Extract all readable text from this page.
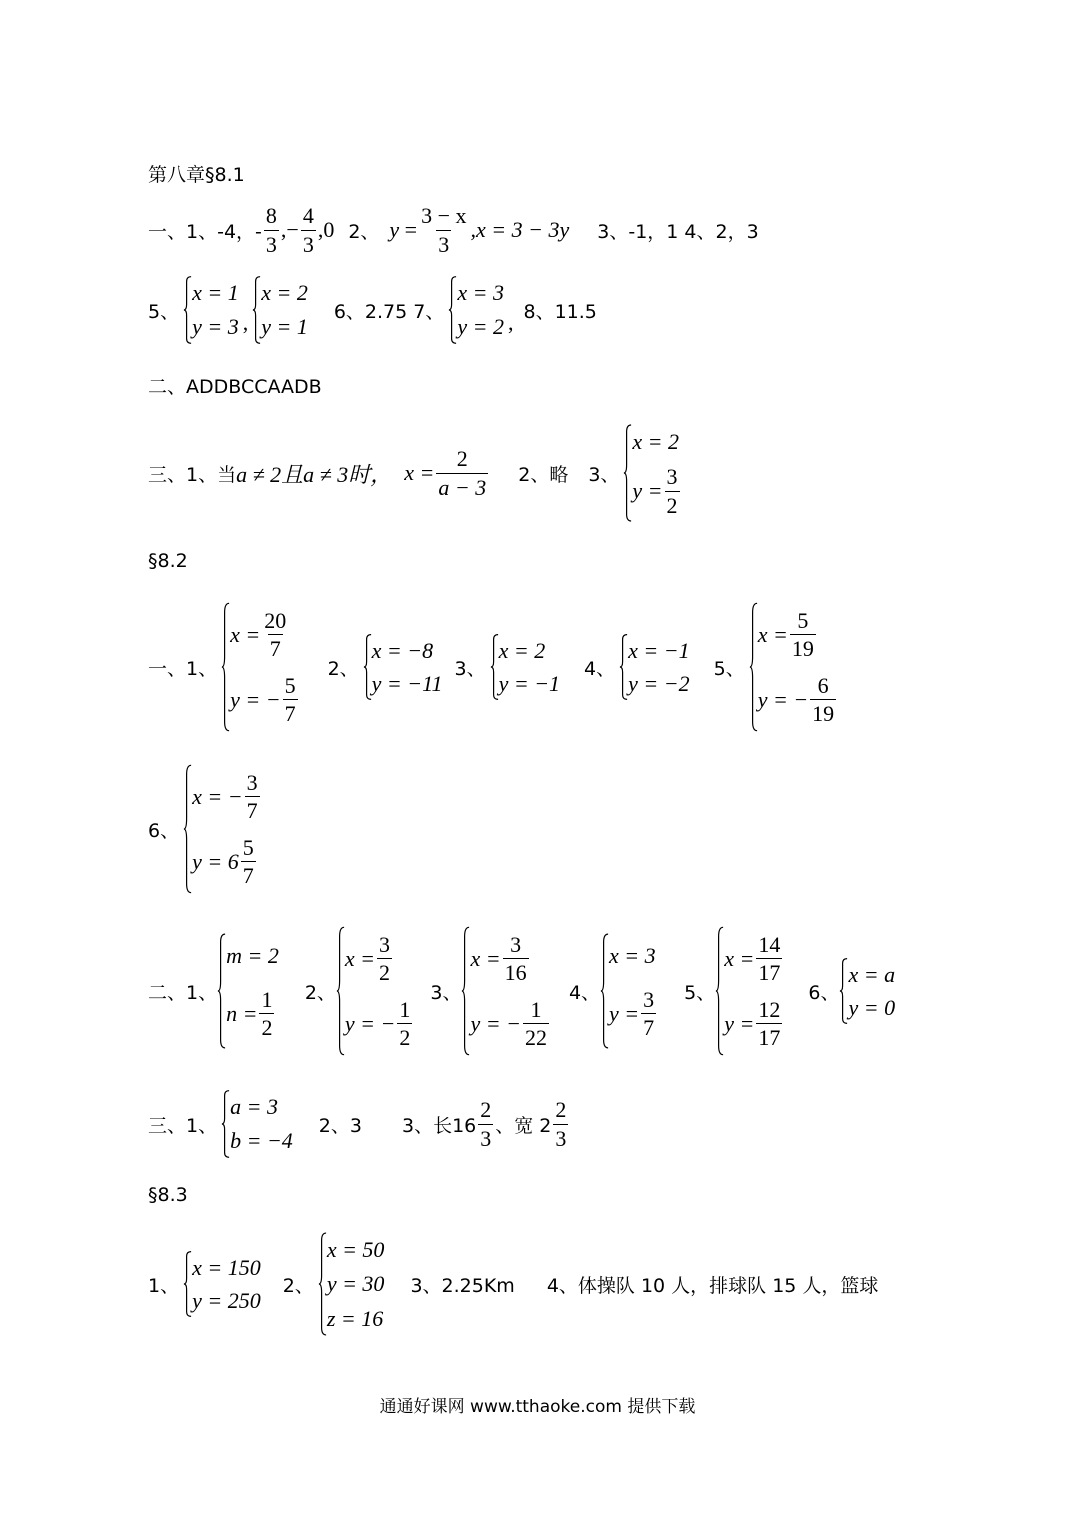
第八章§8.1
一、1、-4，-
8
3
, − $\frac{4}{3} ,0$ 2、 $y = \frac{3 - x}{3} ,x = 3 - 3y$ 3、-1，1 4、2，3
5、
x = 1
y = 3 ,
x = 2
y = 1
6、2.75 7、
x = 3
y = 2 , 8、11.5
二、ADDBCCAADB
三、1、当 a ≠ 2且a ≠ 3时， $x = \frac{2}{a - 3} 2$、略 3、
x = 2
$y = \frac{3}{2}$
§8.2
一、1、
$x = \frac{20}{7}$
y = − $\frac{5}{7}$
2、
x = −8
y = −11
3、
x = 2
y = −1
4、
x = −1
y = −2
5、
$x = \frac{5}{19}$
y = − $\frac{6}{19}$
6、
x = − $\frac{3}{7}$
y = 6
5
7
二、1、
m = 2
$n = \frac{1}{2} 2$、
$x = \frac{3}{2}$
y = − $\frac{1}{2}$
3、
$x = \frac{3}{16}$
y = − $\frac{1}{22}$
4、
x = 3
$y = \frac{3}{7} 5$、
$x = \frac{14}{17}$
$y = \frac{12}{17}$
6、
x = a
y = 0
三、1、
a = 3
b = −4
2、3 3、长16
2
3 、宽 2
2
3
§8.3
1、
x = 150
y = 250
2、
x = 50
y = 30
z = 16
3、2.25Km 4、体操队 10 人，排球队 15 人，篮球
通通好课网 www.tthaoke.com 提供下载
